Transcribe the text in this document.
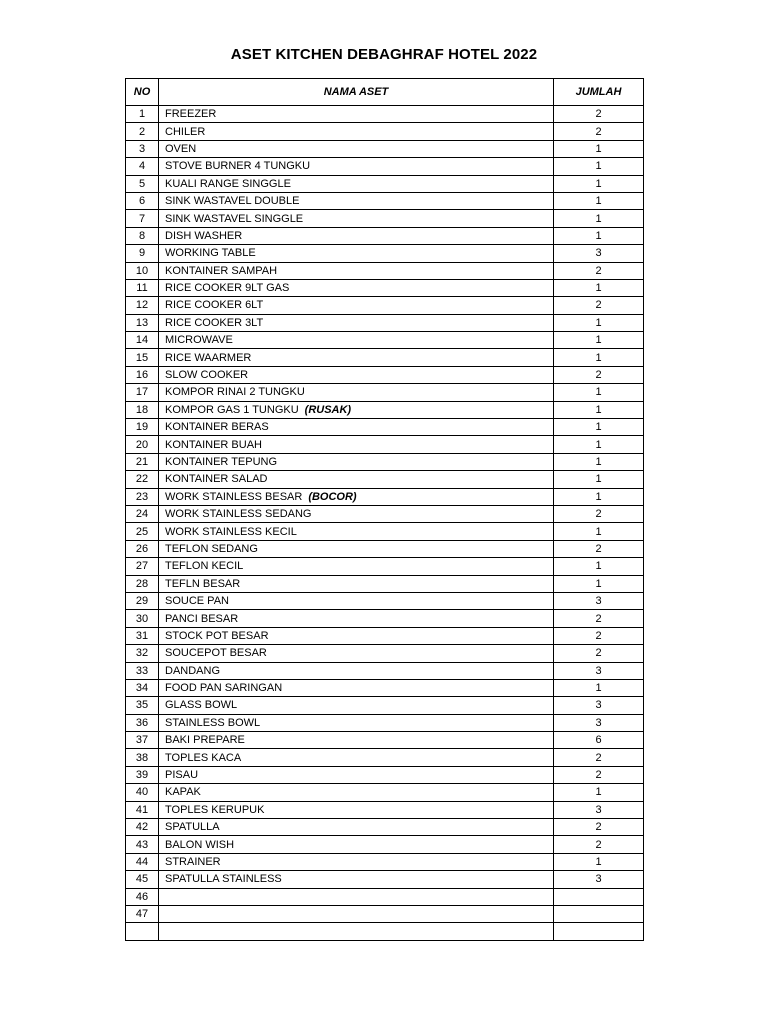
ASET KITCHEN DEBAGHRAF HOTEL 2022
NO	NAMA ASET	JUMLAH
1	FREEZER	2
2	CHILER	2
3	OVEN	1
4	STOVE BURNER 4 TUNGKU	1
5	KUALI RANGE SINGGLE	1
6	SINK WASTAVEL DOUBLE	1
7	SINK WASTAVEL SINGGLE	1
8	DISH WASHER	1
9	WORKING TABLE	3
10	KONTAINER SAMPAH	2
11	RICE COOKER 9LT GAS	1
12	RICE COOKER 6LT	2
13	RICE COOKER 3LT	1
14	MICROWAVE	1
15	RICE WAARMER	1
16	SLOW COOKER	2
17	KOMPOR RINAI 2 TUNGKU	1
18	KOMPOR GAS 1 TUNGKU (RUSAK)	1
19	KONTAINER BERAS	1
20	KONTAINER BUAH	1
21	KONTAINER TEPUNG	1
22	KONTAINER SALAD	1
23	WORK STAINLESS BESAR (BOCOR)	1
24	WORK STAINLESS SEDANG	2
25	WORK STAINLESS KECIL	1
26	TEFLON SEDANG	2
27	TEFLON KECIL	1
28	TEFLN BESAR	1
29	SOUCE PAN	3
30	PANCI BESAR	2
31	STOCK POT BESAR	2
32	SOUCEPOT BESAR	2
33	DANDANG	3
34	FOOD PAN SARINGAN	1
35	GLASS BOWL	3
36	STAINLESS BOWL	3
37	BAKI PREPARE	6
38	TOPLES KACA	2
39	PISAU	2
40	KAPAK	1
41	TOPLES KERUPUK	3
42	SPATULLA	2
43	BALON WISH	2
44	STRAINER	1
45	SPATULLA STAINLESS	3
46		
47		
